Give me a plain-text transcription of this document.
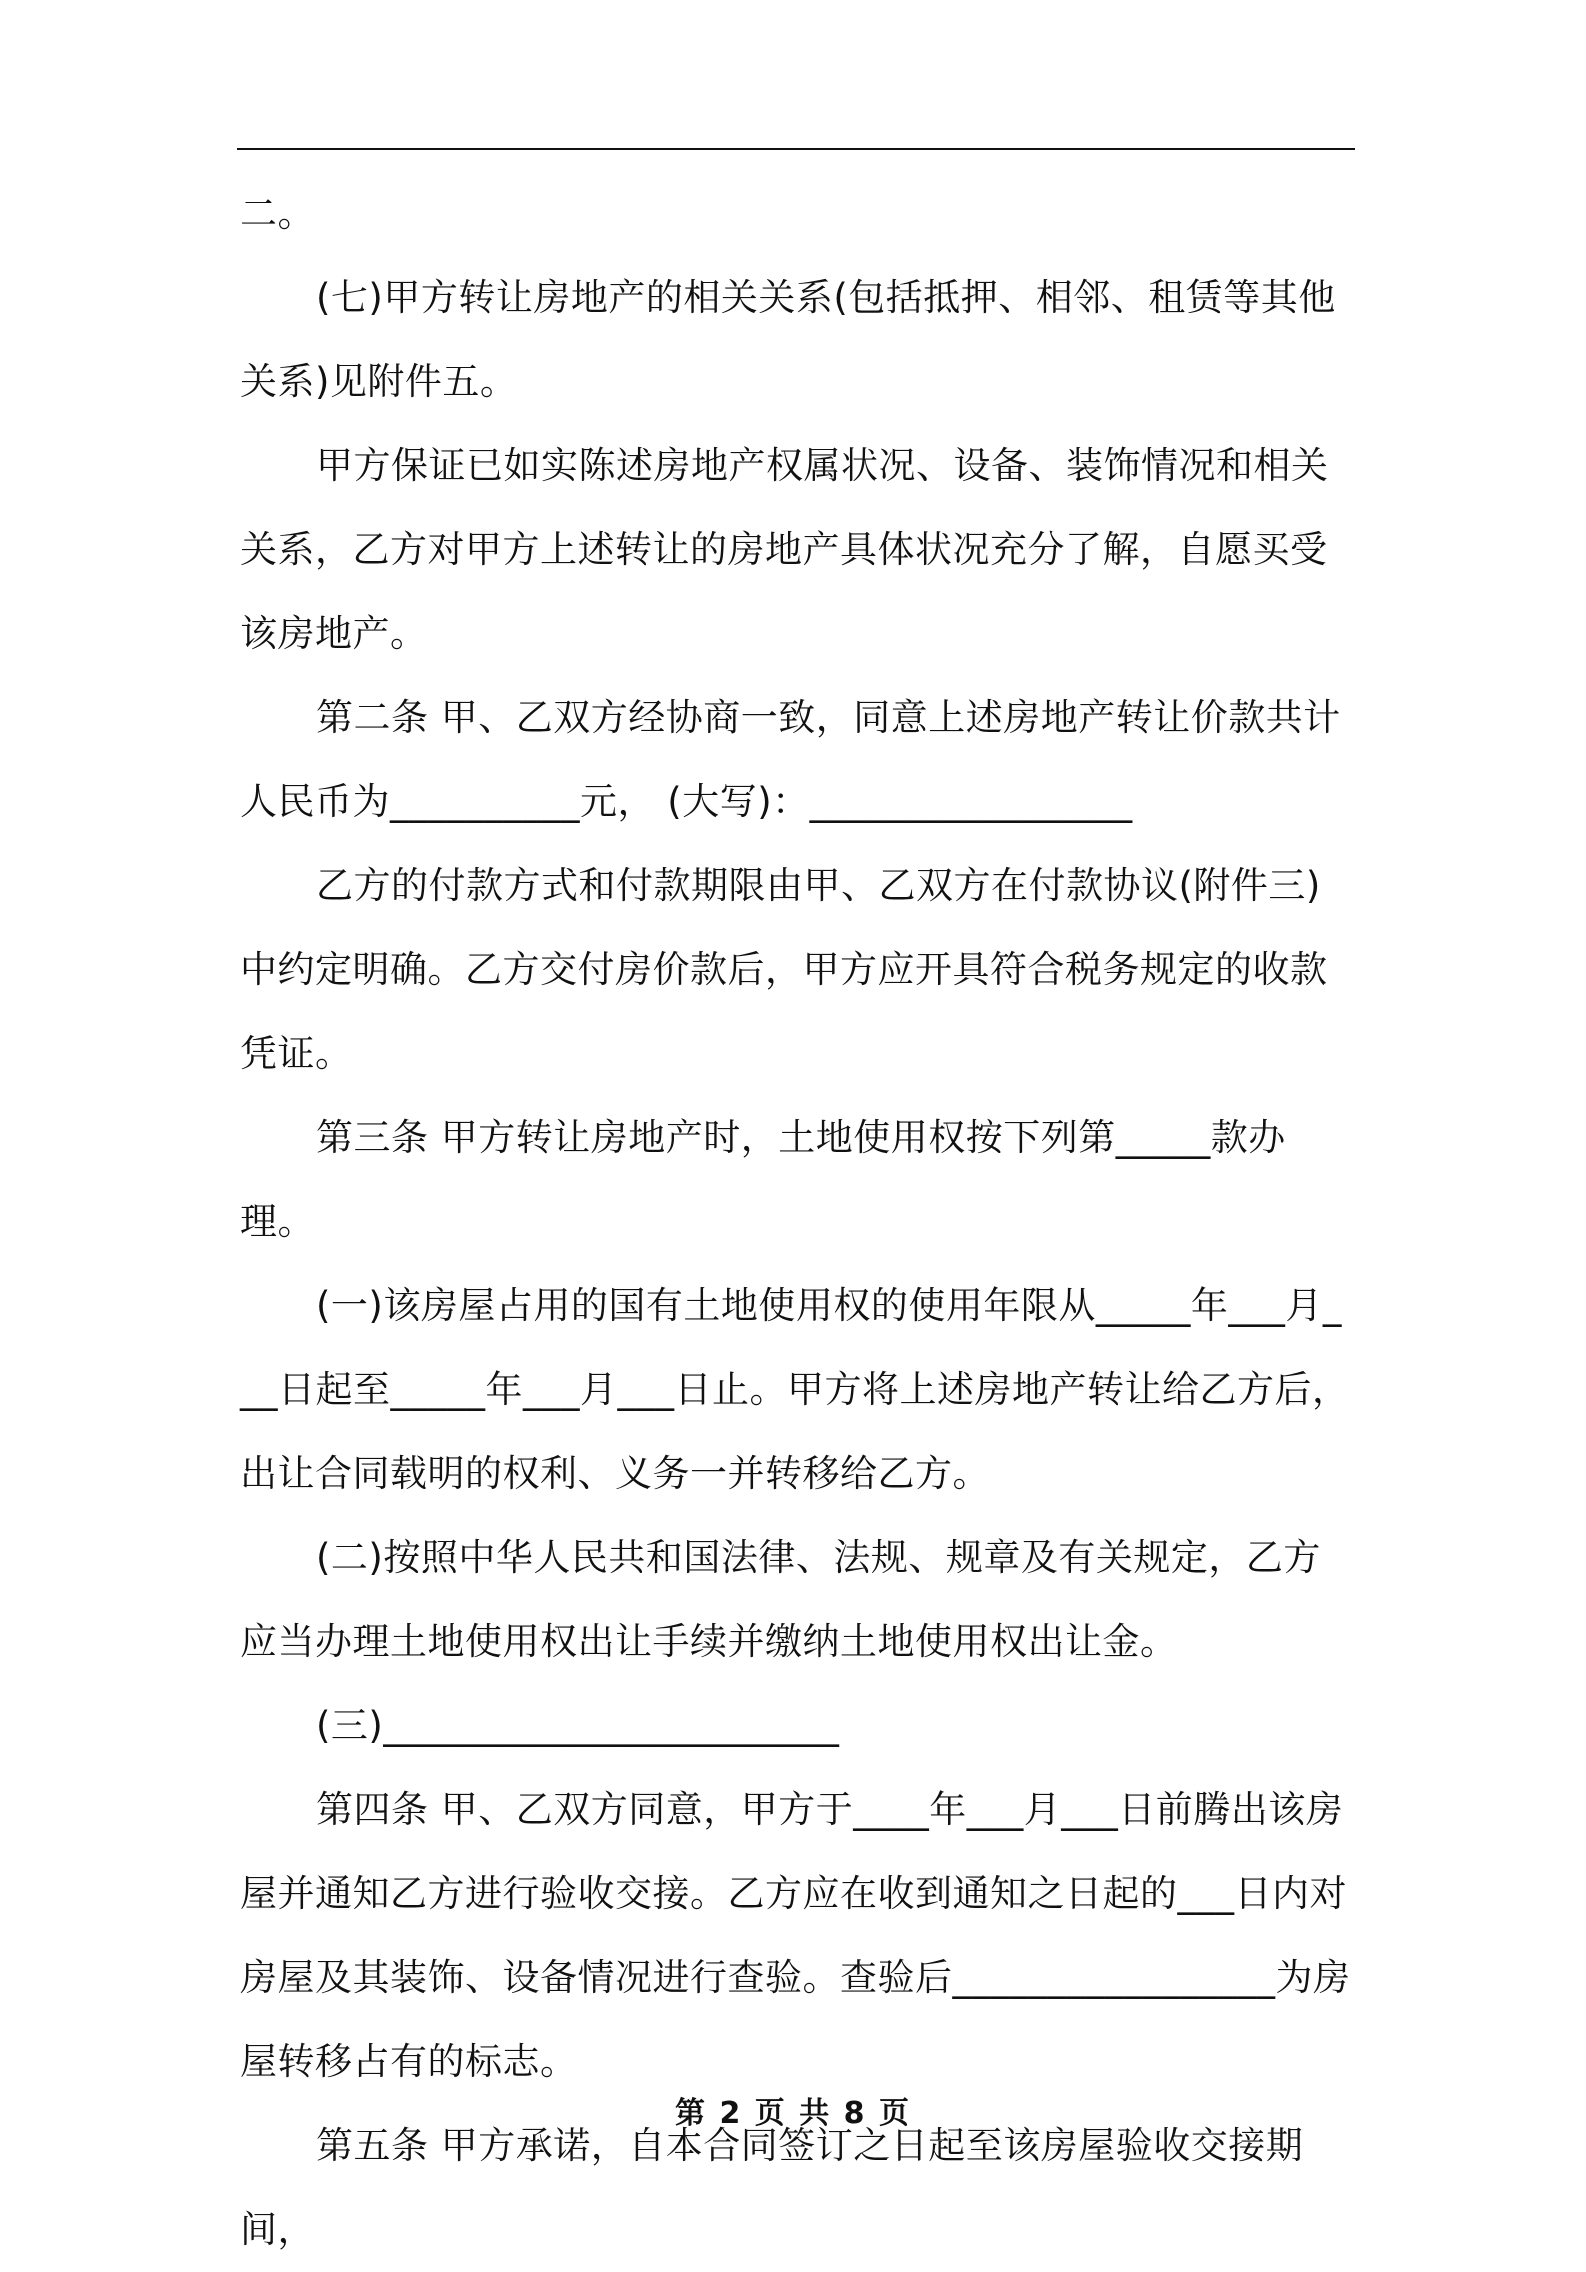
二。

(七)甲方转让房地产的相关关系(包括抵押、相邻、租赁等其他关系)见附件五。

甲方保证已如实陈述房地产权属状况、设备、装饰情况和相关关系，乙方对甲方上述转让的房地产具体状况充分了解，自愿买受该房地产。

第二条 甲、乙双方经协商一致，同意上述房地产转让价款共计人民币为__________元， (大写)：_________________

乙方的付款方式和付款期限由甲、乙双方在付款协议(附件三)中约定明确。乙方交付房价款后，甲方应开具符合税务规定的收款凭证。

第三条 甲方转让房地产时，土地使用权按下列第_____款办理。

(一)该房屋占用的国有土地使用权的使用年限从_____年___月___日起至_____年___月___日止。甲方将上述房地产转让给乙方后，出让合同载明的权利、义务一并转移给乙方。

(二)按照中华人民共和国法律、法规、规章及有关规定，乙方应当办理土地使用权出让手续并缴纳土地使用权出让金。

(三)________________________

第四条 甲、乙双方同意，甲方于____年___月___日前腾出该房屋并通知乙方进行验收交接。乙方应在收到通知之日起的___日内对房屋及其装饰、设备情况进行查验。查验后_________________为房屋转移占有的标志。

第五条 甲方承诺，自本合同签订之日起至该房屋验收交接期间，

第 2 页 共 8 页
